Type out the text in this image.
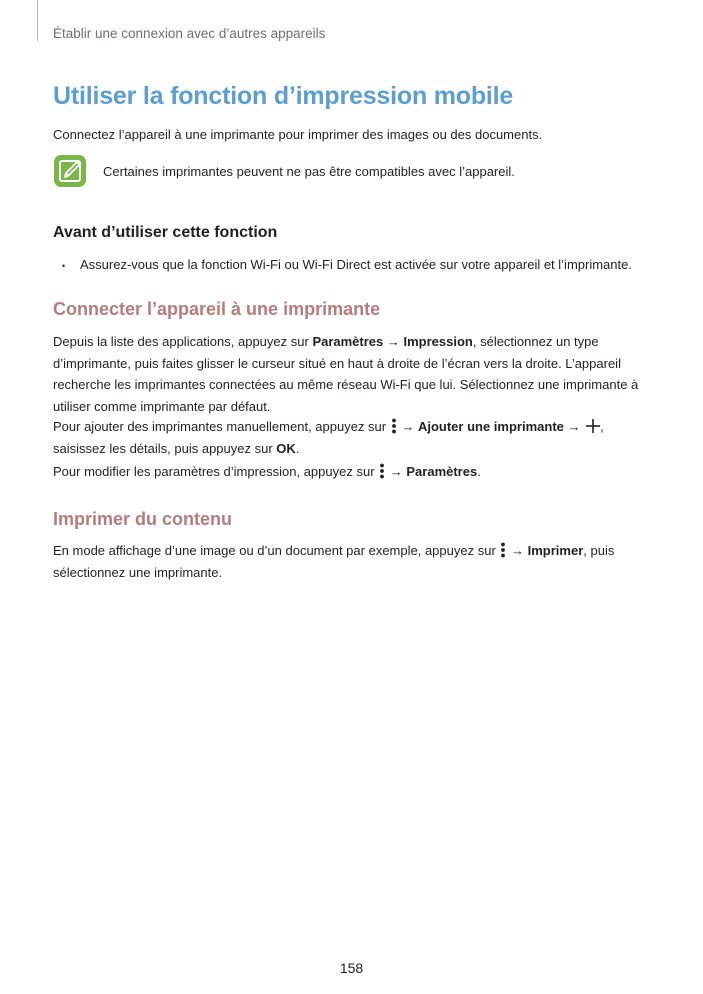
Établir une connexion avec d’autres appareils
Utiliser la fonction d’impression mobile

Connectez l’appareil à une imprimante pour imprimer des images ou des documents.

Certaines imprimantes peuvent ne pas être compatibles avec l’appareil.
Avant d’utiliser cette fonction
• Assurez-vous que la fonction Wi-Fi ou Wi-Fi Direct est activée sur votre appareil et l’imprimante.
Connecter l’appareil à une imprimante

Depuis la liste des applications, appuyez sur Paramètres → Impression, sélectionnez un type d’imprimante, puis faites glisser le curseur situé en haut à droite de l’écran vers la droite. L’appareil recherche les imprimantes connectées au même réseau Wi-Fi que lui. Sélectionnez une imprimante à utiliser comme imprimante par défaut.

Pour ajouter des imprimantes manuellement, appuyez sur  → Ajouter une imprimante → ,
saisissez les détails, puis appuyez sur OK.

Pour modifier les paramètres d’impression, appuyez sur  → Paramètres.

Imprimer du contenu

En mode affichage d’une image ou d’un document par exemple, appuyez sur  → Imprimer, puis
sélectionnez une imprimante.

158
